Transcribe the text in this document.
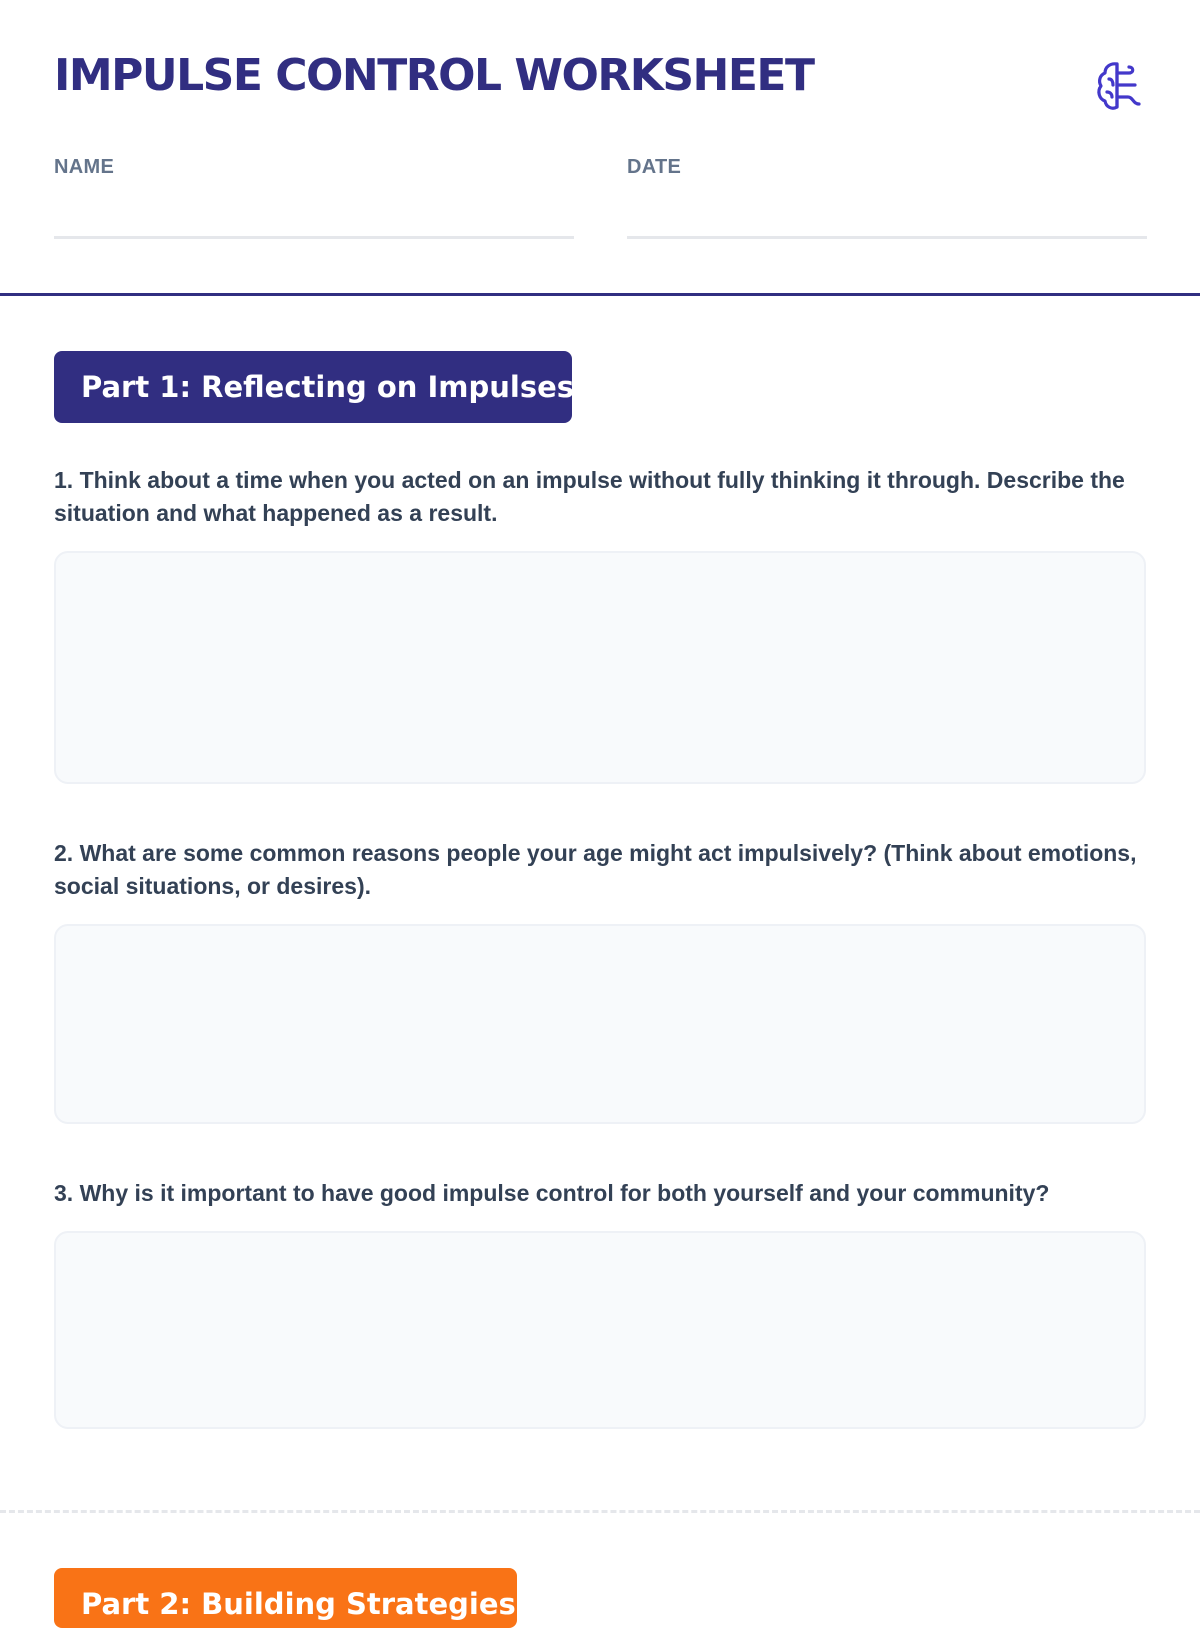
IMPULSE CONTROL WORKSHEET
NAME	DATE
Part 1: Reflecting on Impulses

1. Think about a time when you acted on an impulse without fully thinking it through. Describe the situation and what happened as a result.

2. What are some common reasons people your age might act impulsively? (Think about emotions, social situations, or desires).

3. Why is it important to have good impulse control for both yourself and your community?

Part 2: Building Strategies
